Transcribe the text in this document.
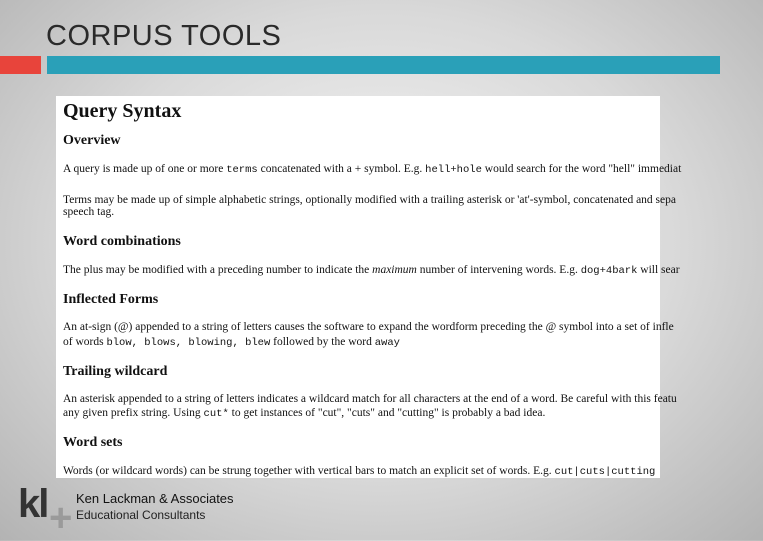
CORPUS TOOLS
Query Syntax
Overview

A query is made up of one or more terms concatenated with a + symbol. E.g. hell+hole would search for the word "hell" immediat

Terms may be made up of simple alphabetic strings, optionally modified with a trailing asterisk or 'at'-symbol, concatenated and sepa

speech tag.

Word combinations

The plus may be modified with a preceding number to indicate the maximum number of intervening words. E.g. dog+4bark will sear

Inflected Forms

An at-sign (@) appended to a string of letters causes the software to expand the wordform preceding the @ symbol into a set of infle

of words blow, blows, blowing, blew followed by the word away

Trailing wildcard

An asterisk appended to a string of letters indicates a wildcard match for all characters at the end of a word. Be careful with this featu

any given prefix string. Using cut* to get instances of "cut", "cuts" and "cutting" is probably a bad idea.

Word sets

Words (or wildcard words) can be strung together with vertical bars to match an explicit set of words. E.g. cut|cuts|cutting

kl + Ken Lackman & Associates
Educational Consultants
